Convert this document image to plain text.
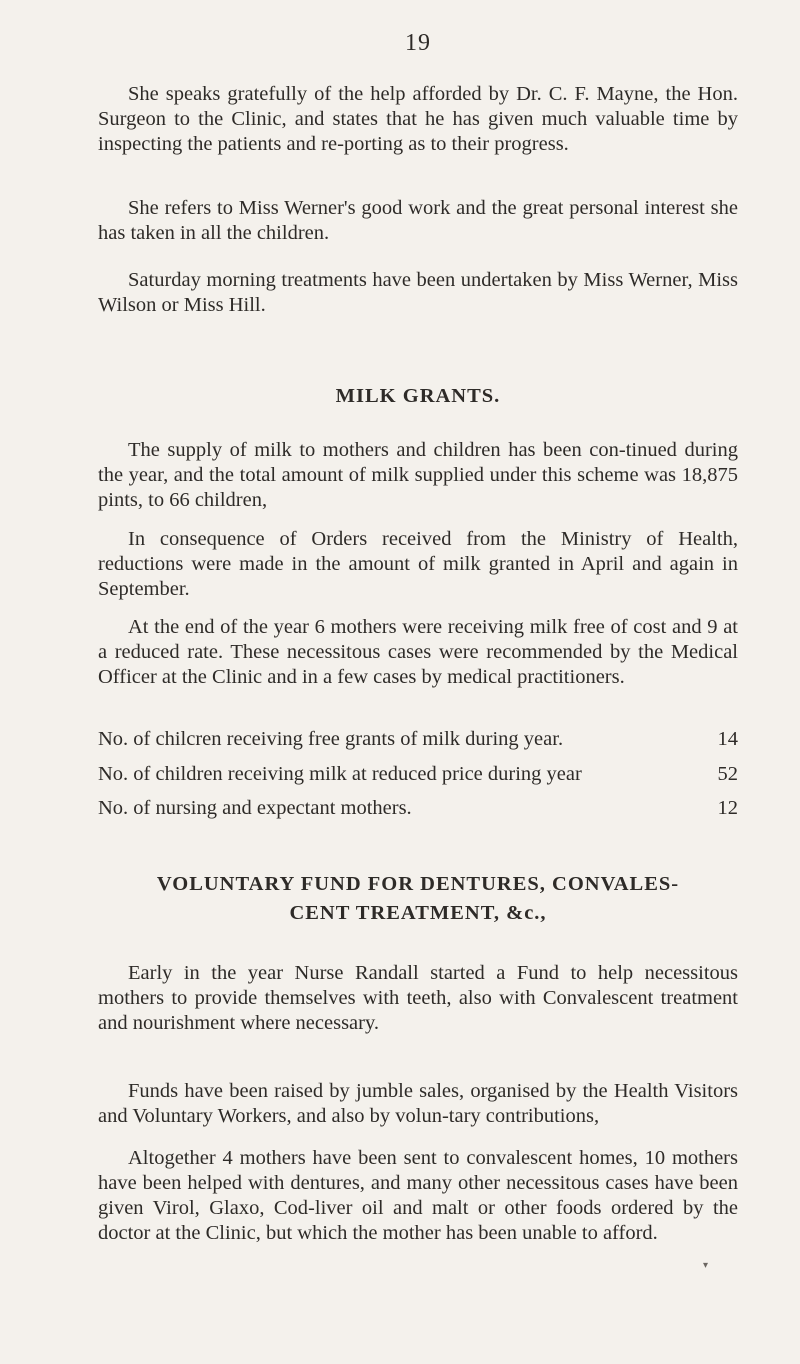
19

She speaks gratefully of the help afforded by Dr. C. F. Mayne, the Hon. Surgeon to the Clinic, and states that he has given much valuable time by inspecting the patients and re-porting as to their progress.

She refers to Miss Werner's good work and the great personal interest she has taken in all the children.

Saturday morning treatments have been undertaken by Miss Werner, Miss Wilson or Miss Hill.

MILK GRANTS.

The supply of milk to mothers and children has been con-tinued during the year, and the total amount of milk supplied under this scheme was 18,875 pints, to 66 children,

In consequence of Orders received from the Ministry of Health, reductions were made in the amount of milk granted in April and again in September.

At the end of the year 6 mothers were receiving milk free of cost and 9 at a reduced rate. These necessitous cases were recommended by the Medical Officer at the Clinic and in a few cases by medical practitioners.

No. of chilcren receiving free grants of milk during year.	14
No. of children receiving milk at reduced price during year	52
No. of nursing and expectant mothers.	12
VOLUNTARY FUND FOR DENTURES, CONVALES-
CENT TREATMENT, &c.,

Early in the year Nurse Randall started a Fund to help necessitous mothers to provide themselves with teeth, also with Convalescent treatment and nourishment where necessary.

Funds have been raised by jumble sales, organised by the Health Visitors and Voluntary Workers, and also by volun-tary contributions,

Altogether 4 mothers have been sent to convalescent homes, 10 mothers have been helped with dentures, and many other necessitous cases have been given Virol, Glaxo, Cod-liver oil and malt or other foods ordered by the doctor at the Clinic, but which the mother has been unable to afford.

▾
